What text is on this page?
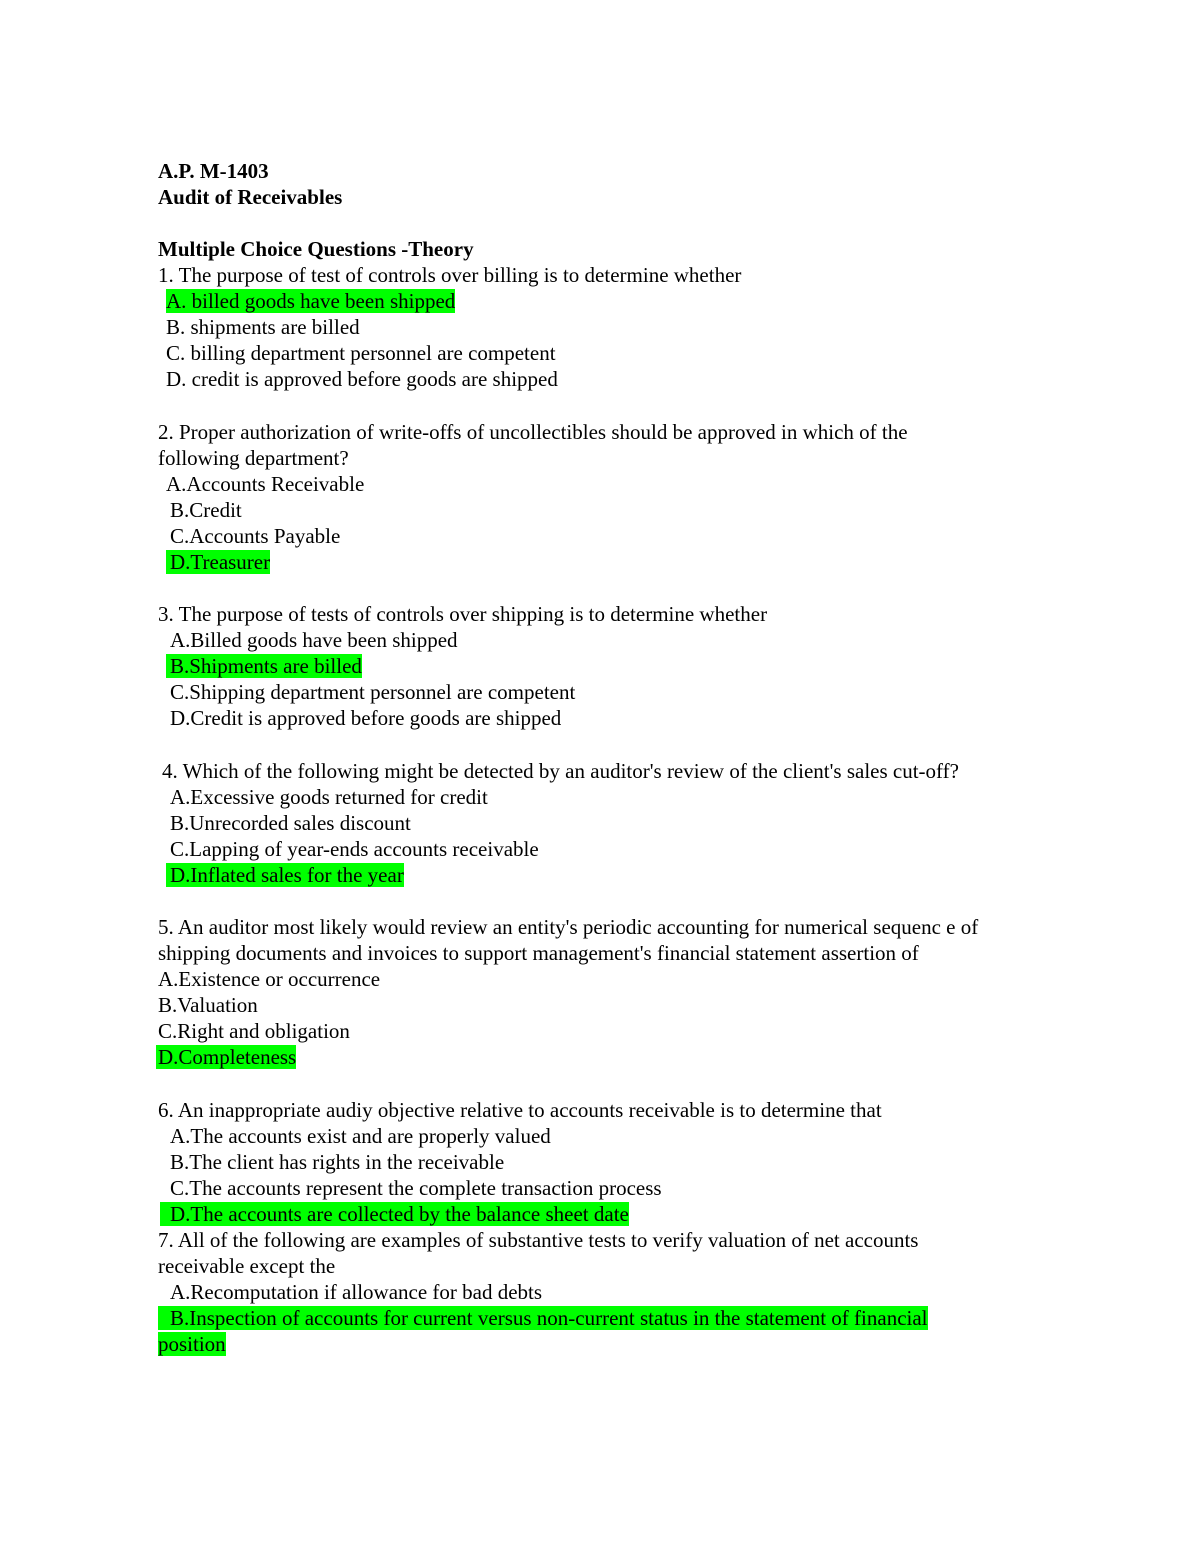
A.P. M-1403
Audit of Receivables
Multiple Choice Questions -Theory
1. The purpose of test of controls over billing is to determine whether
A. billed goods have been shipped
B. shipments are billed
C. billing department personnel are competent
D. credit is approved before goods are shipped
2. Proper authorization of write-offs of uncollectibles should be approved in which of the
following department?
A.Accounts Receivable
B.Credit
C.Accounts Payable
D.Treasurer
3. The purpose of tests of controls over shipping is to determine whether
A.Billed goods have been shipped
B.Shipments are billed
C.Shipping department personnel are competent
D.Credit is approved before goods are shipped
4. Which of the following might be detected by an auditor's review of the client's sales cut-off?
A.Excessive goods returned for credit
B.Unrecorded sales discount
C.Lapping of year-ends accounts receivable
D.Inflated sales for the year
5. An auditor most likely would review an entity's periodic accounting for numerical sequenc e of
shipping documents and invoices to support management's financial statement assertion of
A.Existence or occurrence
B.Valuation
C.Right and obligation
D.Completeness
6. An inappropriate audiy objective relative to accounts receivable is to determine that
A.The accounts exist and are properly valued
B.The client has rights in the receivable
C.The accounts represent the complete transaction process
D.The accounts are collected by the balance sheet date
7. All of the following are examples of substantive tests to verify valuation of net accounts
receivable except the
A.Recomputation if allowance for bad debts
B.Inspection of accounts for current versus non-current status in the statement of financial
position
